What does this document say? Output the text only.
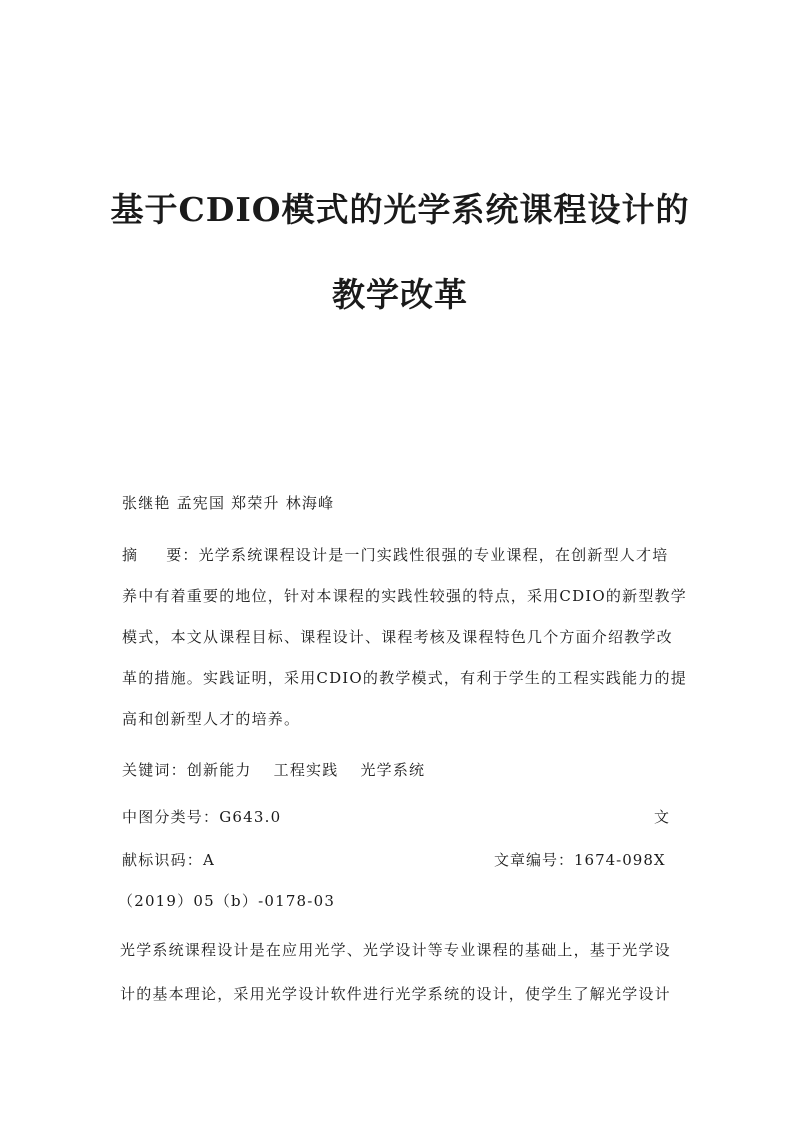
基于CDIO模式的光学系统课程设计的
教学改革
张继艳 孟宪国 郑荣升 林海峰
摘 要：光学系统课程设计是一门实践性很强的专业课程，在创新型人才培
养中有着重要的地位，针对本课程的实践性较强的特点，采用CDIO的新型教学
模式，本文从课程目标、课程设计、课程考核及课程特色几个方面介绍教学改
革的措施。实践证明，采用CDIO的教学模式，有利于学生的工程实践能力的提
高和创新型人才的培养。
关键词：创新能力 工程实践 光学系统
中图分类号：G643.0	文
献标识码：A	文章编号：1674-098X
（2019）05（b）-0178-03
光学系统课程设计是在应用光学、光学设计等专业课程的基础上，基于光学设
计的基本理论，采用光学设计软件进行光学系统的设计，使学生了解光学设计
